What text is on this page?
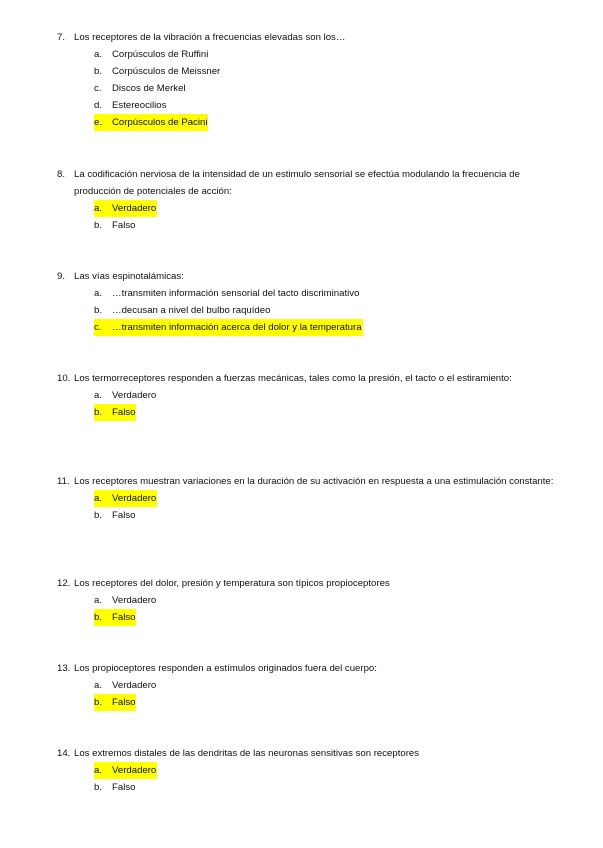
7. Los receptores de la vibración a frecuencias elevadas son los…
a. Corpúsculos de Ruffini
b. Corpúsculos de Meissner
c. Discos de Merkel
d. Estereocilios
e. Corpúsculos de Pacini
8. La codificación nerviosa de la intensidad de un estimulo sensorial se efectúa modulando la frecuencia de producción de potenciales de acción:
a. Verdadero
b. Falso
9. Las vías espinotalámicas:
a. …transmiten información sensorial del tacto discriminativo
b. …decusan a nivel del bulbo raquídeo
c. …transmiten información acerca del dolor y la temperatura
10. Los termorreceptores responden a fuerzas mecánicas, tales como la presión, el tacto o el estiramiento:
a. Verdadero
b. Falso
11. Los receptores muestran variaciones en la duración de su activación en respuesta a una estimulación constante:
a. Verdadero
b. Falso
12. Los receptores del dolor, presión y temperatura son típicos propioceptores
a. Verdadero
b. Falso
13. Los propioceptores responden a estímulos originados fuera del cuerpo:
a. Verdadero
b. Falso
14. Los extremos distales de las dendritas de las neuronas sensitivas son receptores
a. Verdadero
b. Falso
